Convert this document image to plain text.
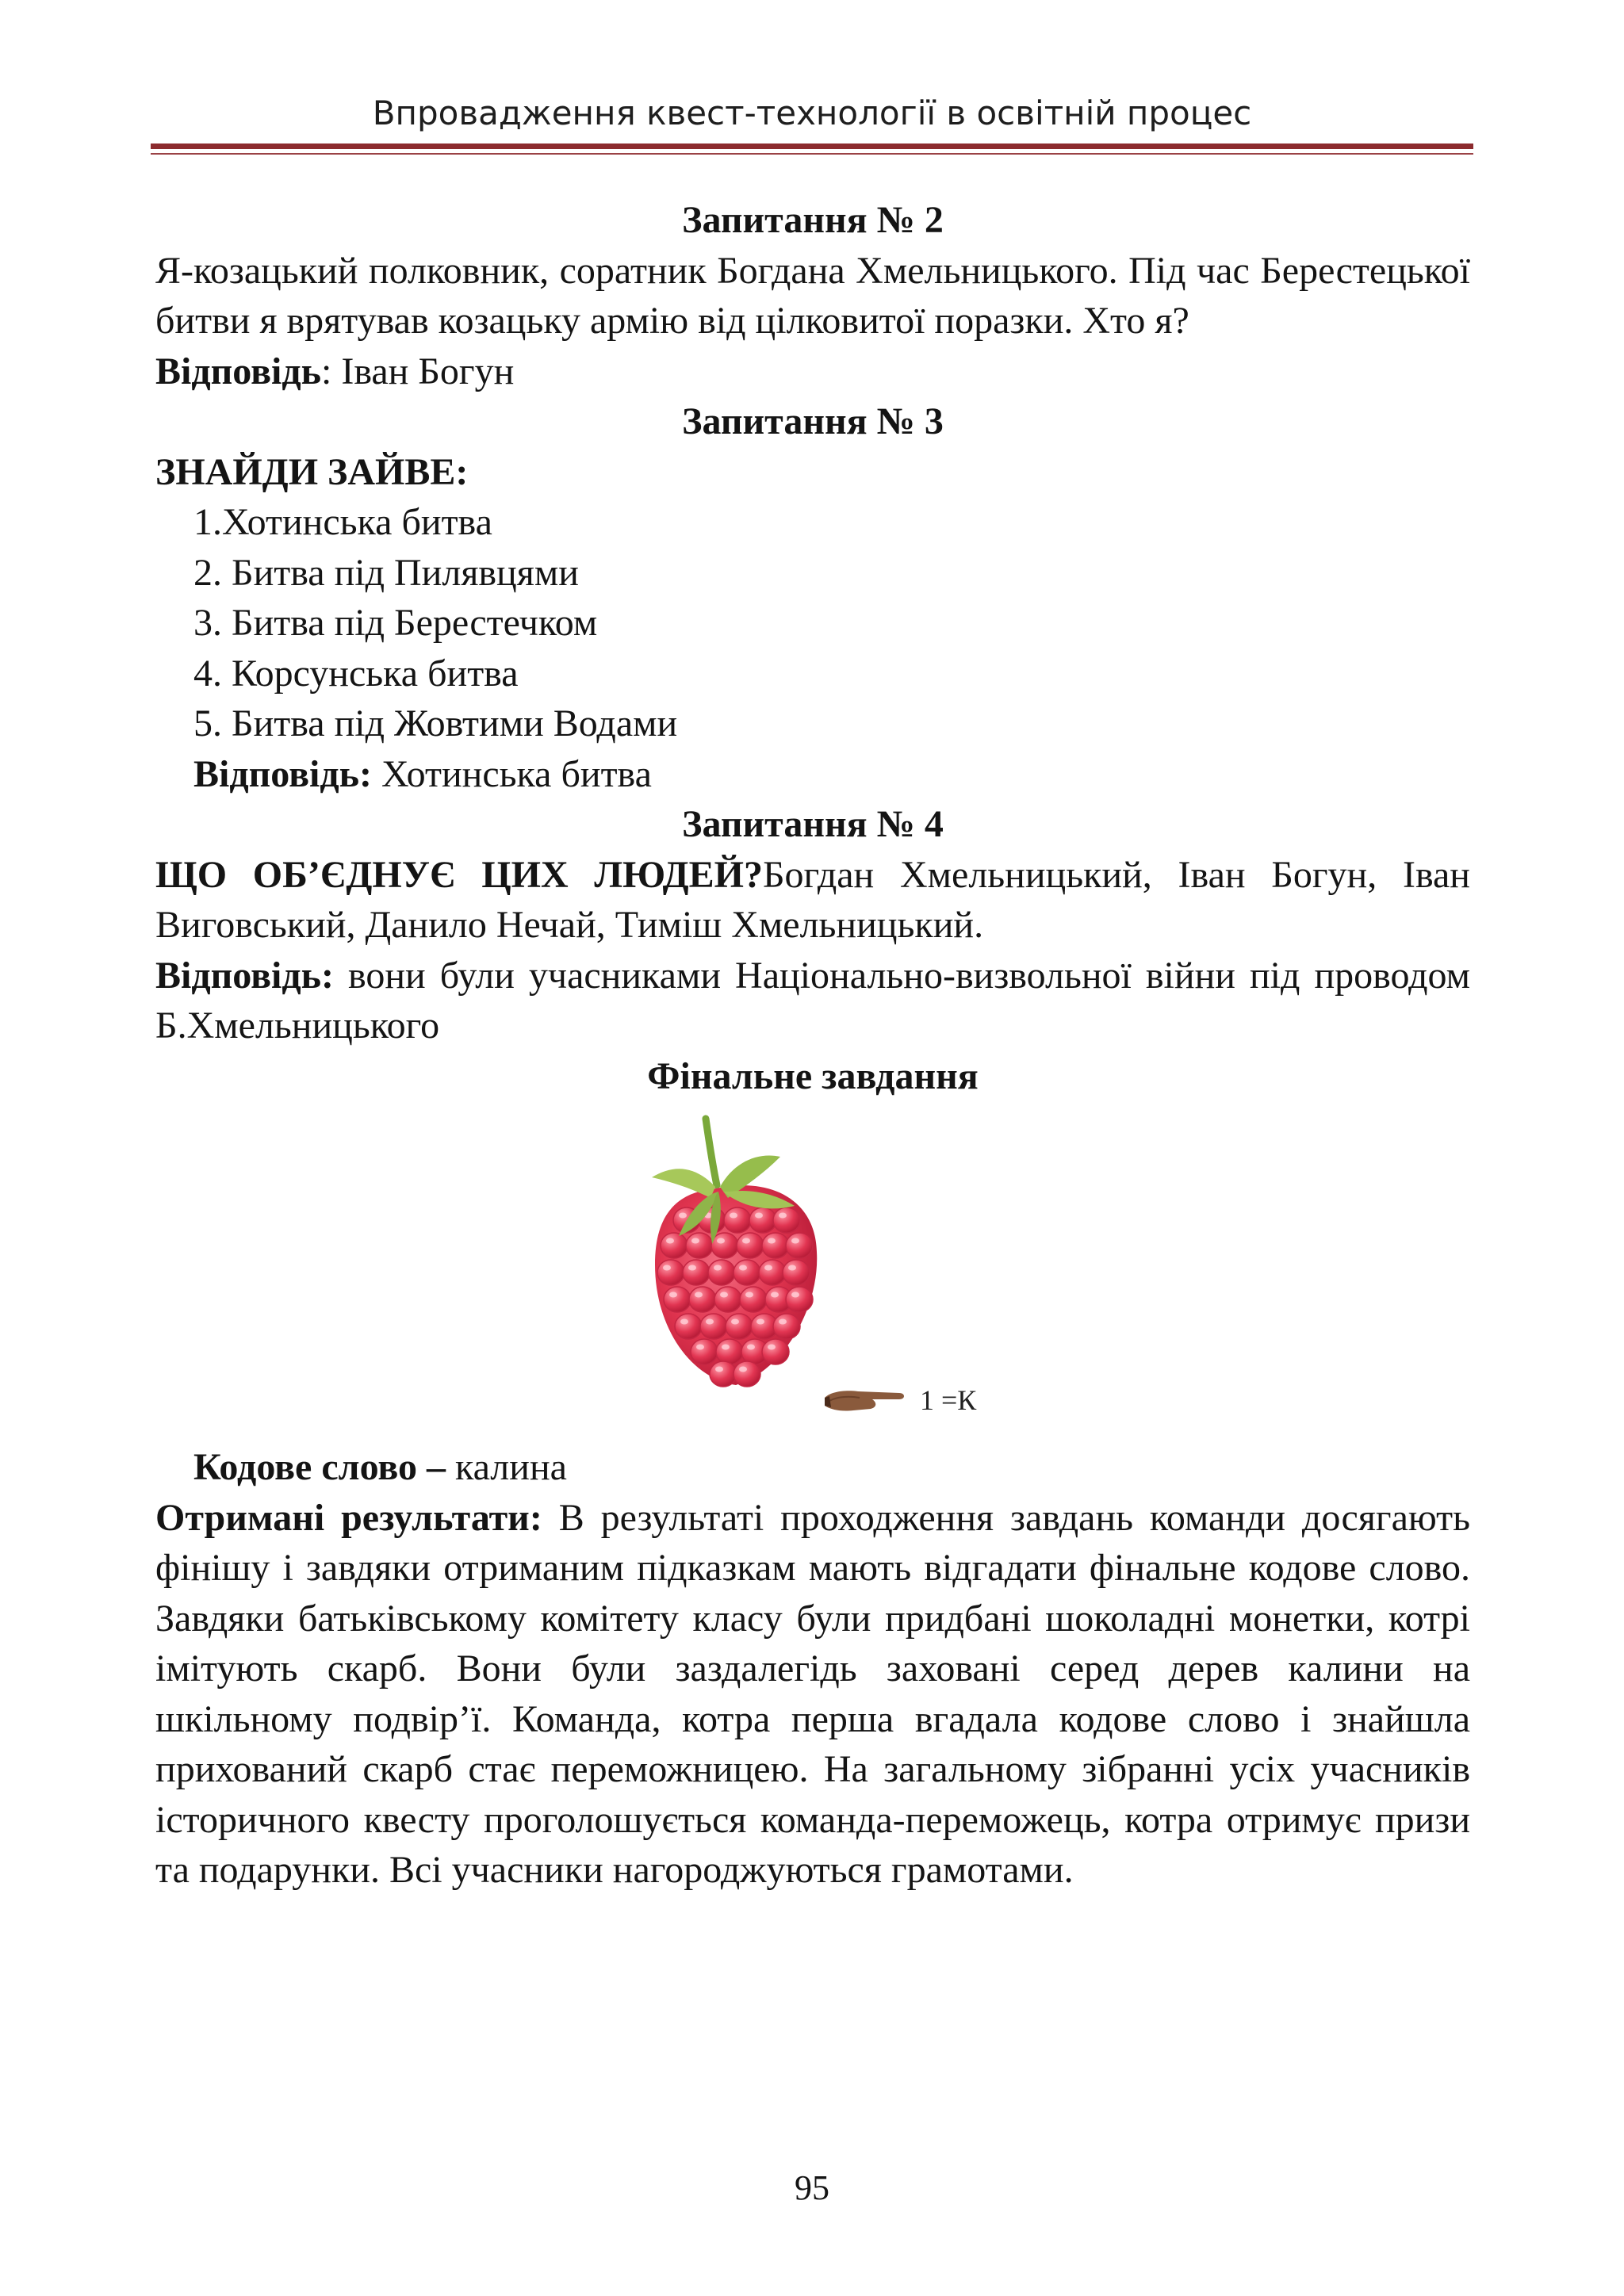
Впровадження квест-технології в освітній процес

Запитання № 2

Я-козацький полковник, соратник Богдана Хмельницького. Під час Берестецької битви я врятував козацьку армію від цілковитої поразки. Хто я?

Відповідь: Іван Богун

Запитання № 3

ЗНАЙДИ ЗАЙВЕ:

1.Хотинська битва

2. Битва під Пилявцями

3. Битва під Берестечком

4. Корсунська битва

5. Битва під Жовтими Водами

Відповідь: Хотинська битва

Запитання № 4

ЩО ОБ’ЄДНУЄ ЦИХ ЛЮДЕЙ?Богдан Хмельницький, Іван Богун, Іван Виговський, Данило Нечай, Тиміш Хмельницький.

Відповідь: вони були учасниками Національно-визвольної війни під проводом Б.Хмельницького

Фінальне завдання

1 =К

Кодове слово – калина

Отримані результати: В результаті проходження завдань команди досягають фінішу і завдяки отриманим підказкам мають відгадати фінальне кодове слово. Завдяки батьківському комітету класу були придбані шоколадні монетки, котрі імітують скарб. Вони були заздалегідь заховані серед дерев калини на шкільному подвір’ї. Команда, котра перша вгадала кодове слово і знайшла прихований скарб стає переможницею. На загальному зібранні усіх учасників історичного квесту проголошується команда-переможець, котра отримує призи та подарунки. Всі учасники нагороджуються грамотами.

95
